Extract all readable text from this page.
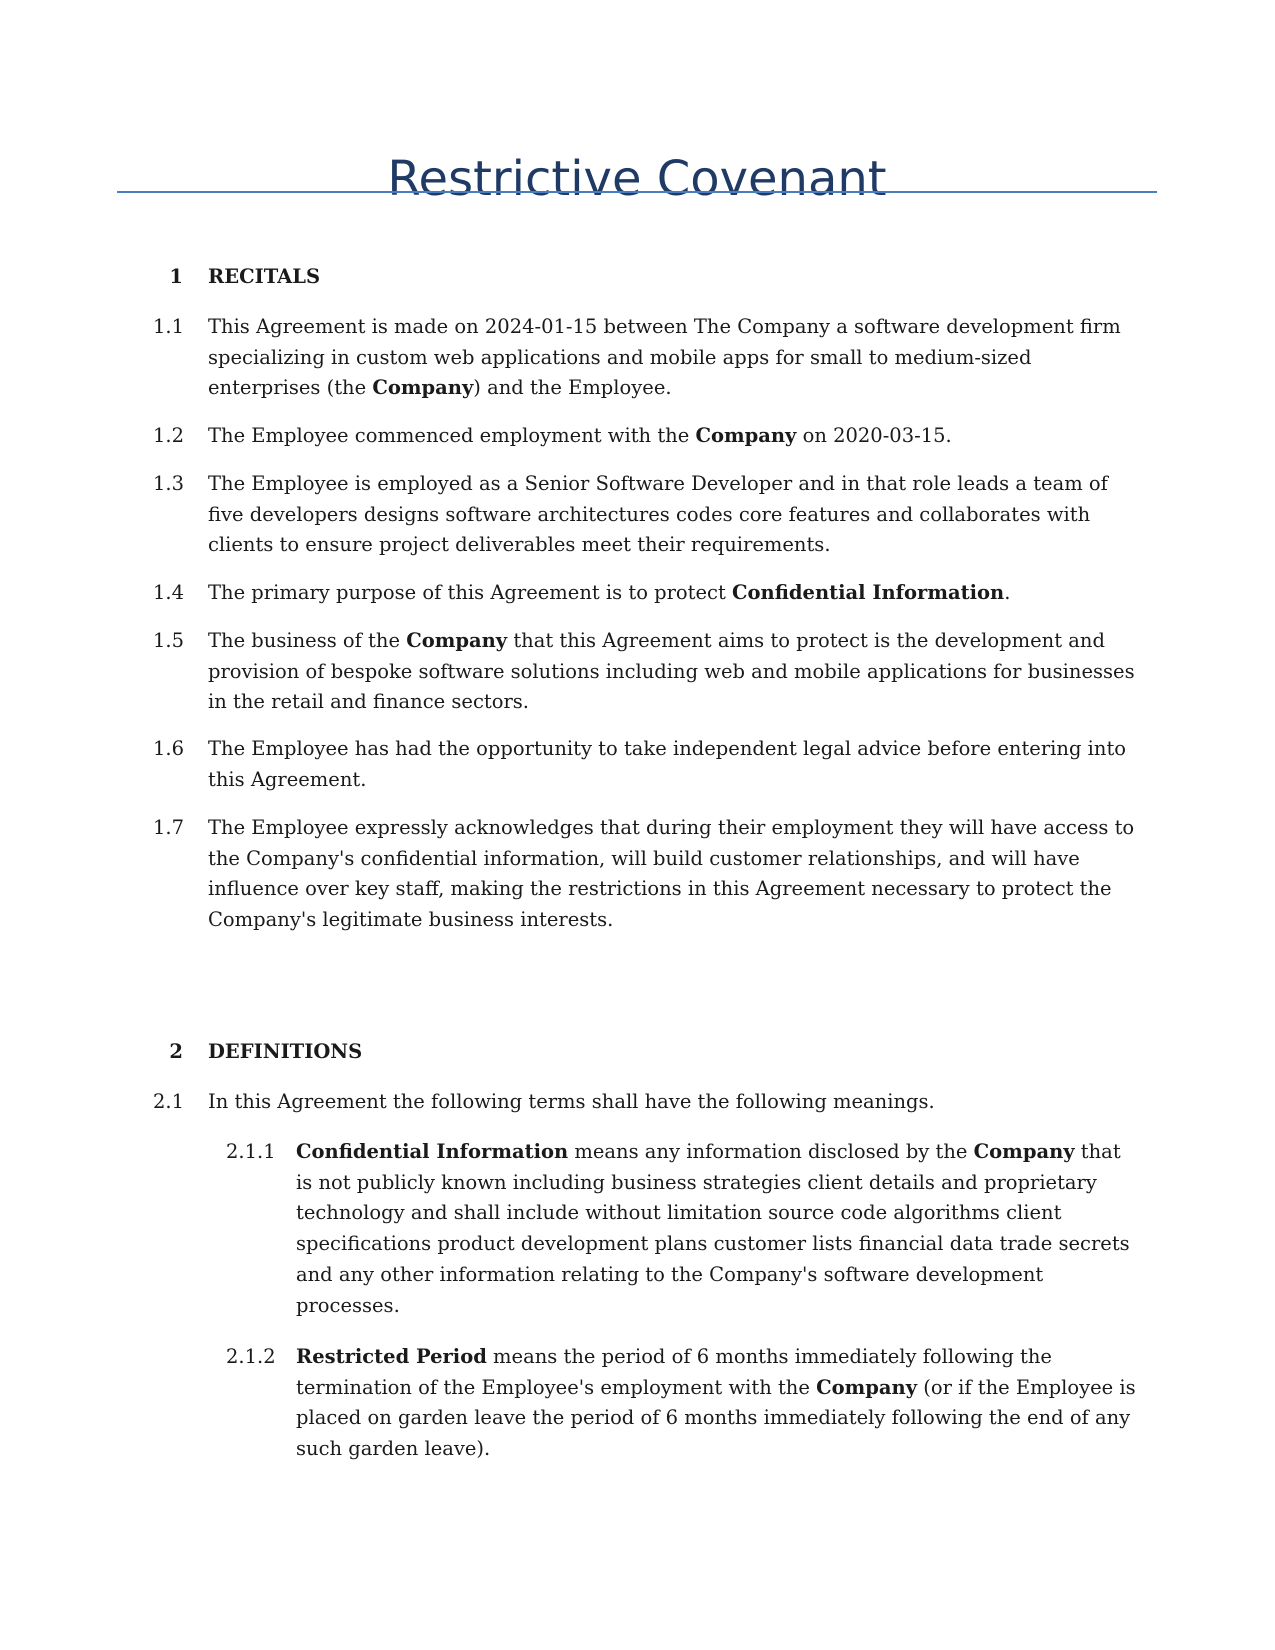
Restrictive Covenant
1 RECITALS
1.1 This Agreement is made on 2024-01-15 between The Company a software development firm specializing in custom web applications and mobile apps for small to medium-sized enterprises (the Company) and the Employee.
1.2 The Employee commenced employment with the Company on 2020-03-15.
1.3 The Employee is employed as a Senior Software Developer and in that role leads a team of five developers designs software architectures codes core features and collaborates with clients to ensure project deliverables meet their requirements.
1.4 The primary purpose of this Agreement is to protect Confidential Information.
1.5 The business of the Company that this Agreement aims to protect is the development and provision of bespoke software solutions including web and mobile applications for businesses in the retail and finance sectors.
1.6 The Employee has had the opportunity to take independent legal advice before entering into this Agreement.
1.7 The Employee expressly acknowledges that during their employment they will have access to the Company's confidential information, will build customer relationships, and will have influence over key staff, making the restrictions in this Agreement necessary to protect the Company's legitimate business interests.
2 DEFINITIONS
2.1 In this Agreement the following terms shall have the following meanings.
2.1.1 Confidential Information means any information disclosed by the Company that is not publicly known including business strategies client details and proprietary technology and shall include without limitation source code algorithms client specifications product development plans customer lists financial data trade secrets and any other information relating to the Company's software development processes.
2.1.2 Restricted Period means the period of 6 months immediately following the termination of the Employee's employment with the Company (or if the Employee is placed on garden leave the period of 6 months immediately following the end of any such garden leave).
